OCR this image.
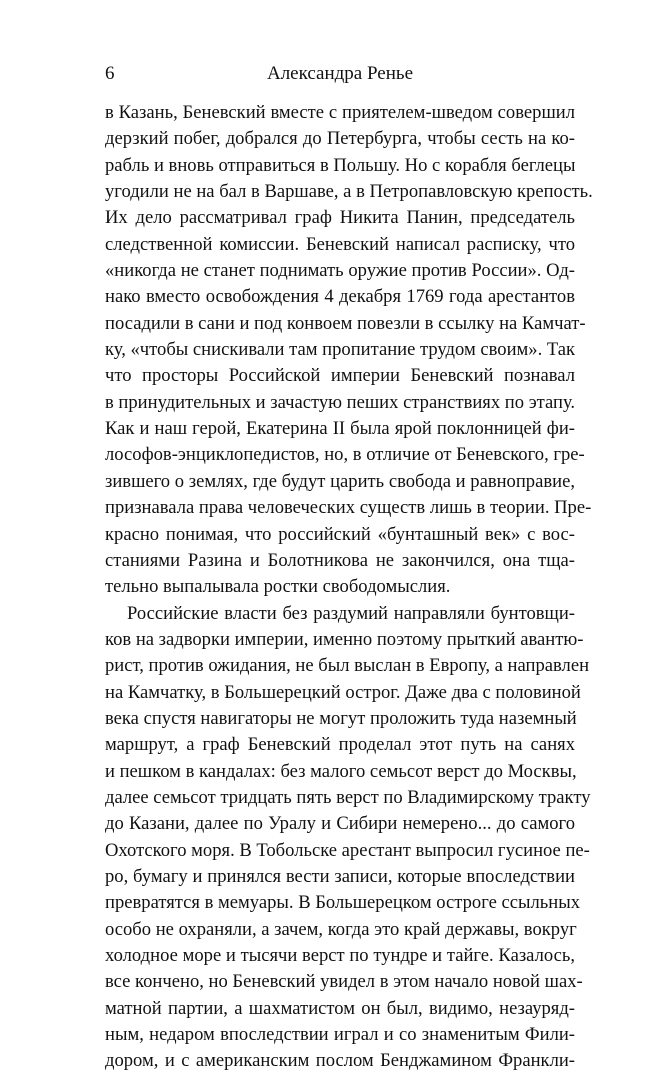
6	Александра Ренье
в Казань, Беневский вместе с приятелем-шведом совершил
дерзкий побег, добрался до Петербурга, чтобы сесть на ко-
рабль и вновь отправиться в Польшу. Но с корабля беглецы
угодили не на бал в Варшаве, а в Петропавловскую крепость.
Их дело рассматривал граф Никита Панин, председатель
следственной комиссии. Беневский написал расписку, что
«никогда не станет поднимать оружие против России». Од-
нако вместо освобождения 4 декабря 1769 года арестантов
посадили в сани и под конвоем повезли в ссылку на Камчат-
ку, «чтобы снискивали там пропитание трудом своим». Так
что просторы Российской империи Беневский познавал
в принудительных и зачастую пеших странствиях по этапу.
Как и наш герой, Екатерина II была ярой поклонницей фи-
лософов-энциклопедистов, но, в отличие от Беневского, гре-
зившего о землях, где будут царить свобода и равноправие,
признавала права человеческих существ лишь в теории. Пре-
красно понимая, что российский «бунташный век» с вос-
станиями Разина и Болотникова не закончился, она тща-
тельно выпалывала ростки свободомыслия.
Российские власти без раздумий направляли бунтовщи-
ков на задворки империи, именно поэтому прыткий авантю-
рист, против ожидания, не был выслан в Европу, а направлен
на Камчатку, в Большерецкий острог. Даже два с половиной
века спустя навигаторы не могут проложить туда наземный
маршрут, а граф Беневский проделал этот путь на санях
и пешком в кандалах: без малого семьсот верст до Москвы,
далее семьсот тридцать пять верст по Владимирскому тракту
до Казани, далее по Уралу и Сибири немерено... до самого
Охотского моря. В Тобольске арестант выпросил гусиное пе-
ро, бумагу и принялся вести записи, которые впоследствии
превратятся в мемуары. В Большерецком остроге ссыльных
особо не охраняли, а зачем, когда это край державы, вокруг
холодное море и тысячи верст по тундре и тайге. Казалось,
все кончено, но Беневский увидел в этом начало новой шах-
матной партии, а шахматистом он был, видимо, незауряд-
ным, недаром впоследствии играл и со знаменитым Фили-
дором, и с американским послом Бенджамином Франкли-
